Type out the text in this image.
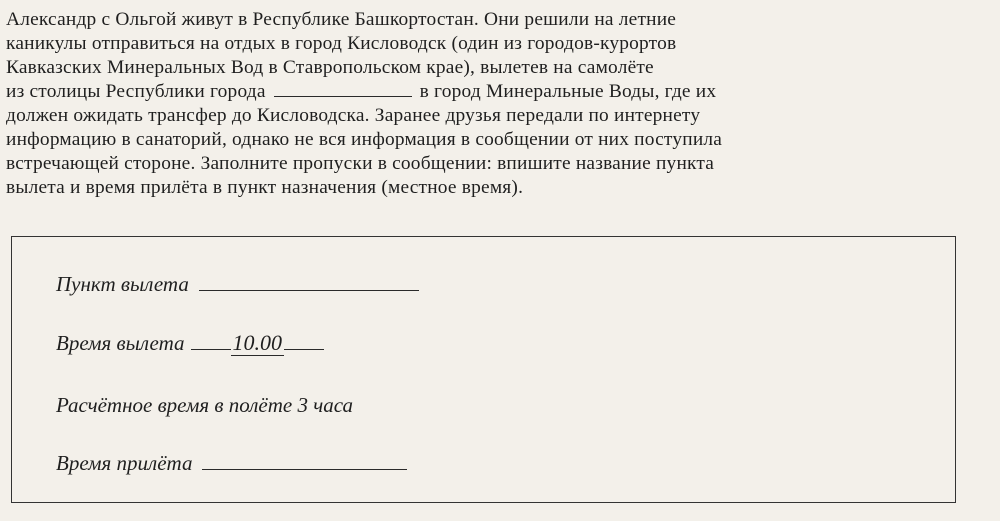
Александр с Ольгой живут в Республике Башкортостан. Они решили на летние
каникулы отправиться на отдых в город Кисловодск (один из городов-курортов
Кавказских Минеральных Вод в Ставропольском крае), вылетев на самолёте
из столицы Республики города	в город Минеральные Воды, где их
должен ожидать трансфер до Кисловодска. Заранее друзья передали по интернету
информацию в санаторий, однако не вся информация в сообщении от них поступила
встречающей стороне. Заполните пропуски в сообщении: впишите название пункта
вылета и время прилёта в пункт назначения (местное время).
Пункт вылета
Время вылета 10.00
Расчётное время в полёте 3 часа
Время прилёта
